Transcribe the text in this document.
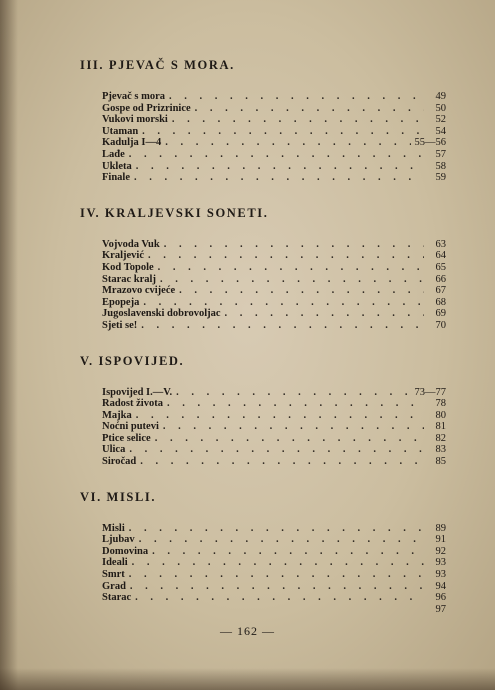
III. PJEVAČ S MORA.
Pjevač s mora . . .	49
Gospe od Prizrinice . . .	50
Vukovi morski . . .	52
Utaman . . .	54
Kadulja I—4 . . .	55—56
Lađe . . .	57
Ukleta . . .	58
Finale . . .	59
IV. KRALJEVSKI SONETI.
Vojvoda Vuk . . .	63
Kraljević . . .	64
Kod Topole . . .	65
Starac kralj . . .	66
Mrazovo cvijeće . . .	67
Epopeja . . .	68
Jugoslavenski dobrovoljac . . .	69
Sjeti se! . . .	70
V. ISPOVIJED.
Ispovijed I.—V. . . .	73—77
Radost života . . .	78
Majka . . .	80
Noćni putevi . . .	81
Ptice selice . . .	82
Ulica . . .	83
Siročad . . .	85
VI. MISLI.
Misli . . .	89
Ljubav . . .	91
Domovina . . .	92
Ideali . . .	93
Smrt . . .	93
Grad . . .	94
Starac . . .	96
97
— 162 —
